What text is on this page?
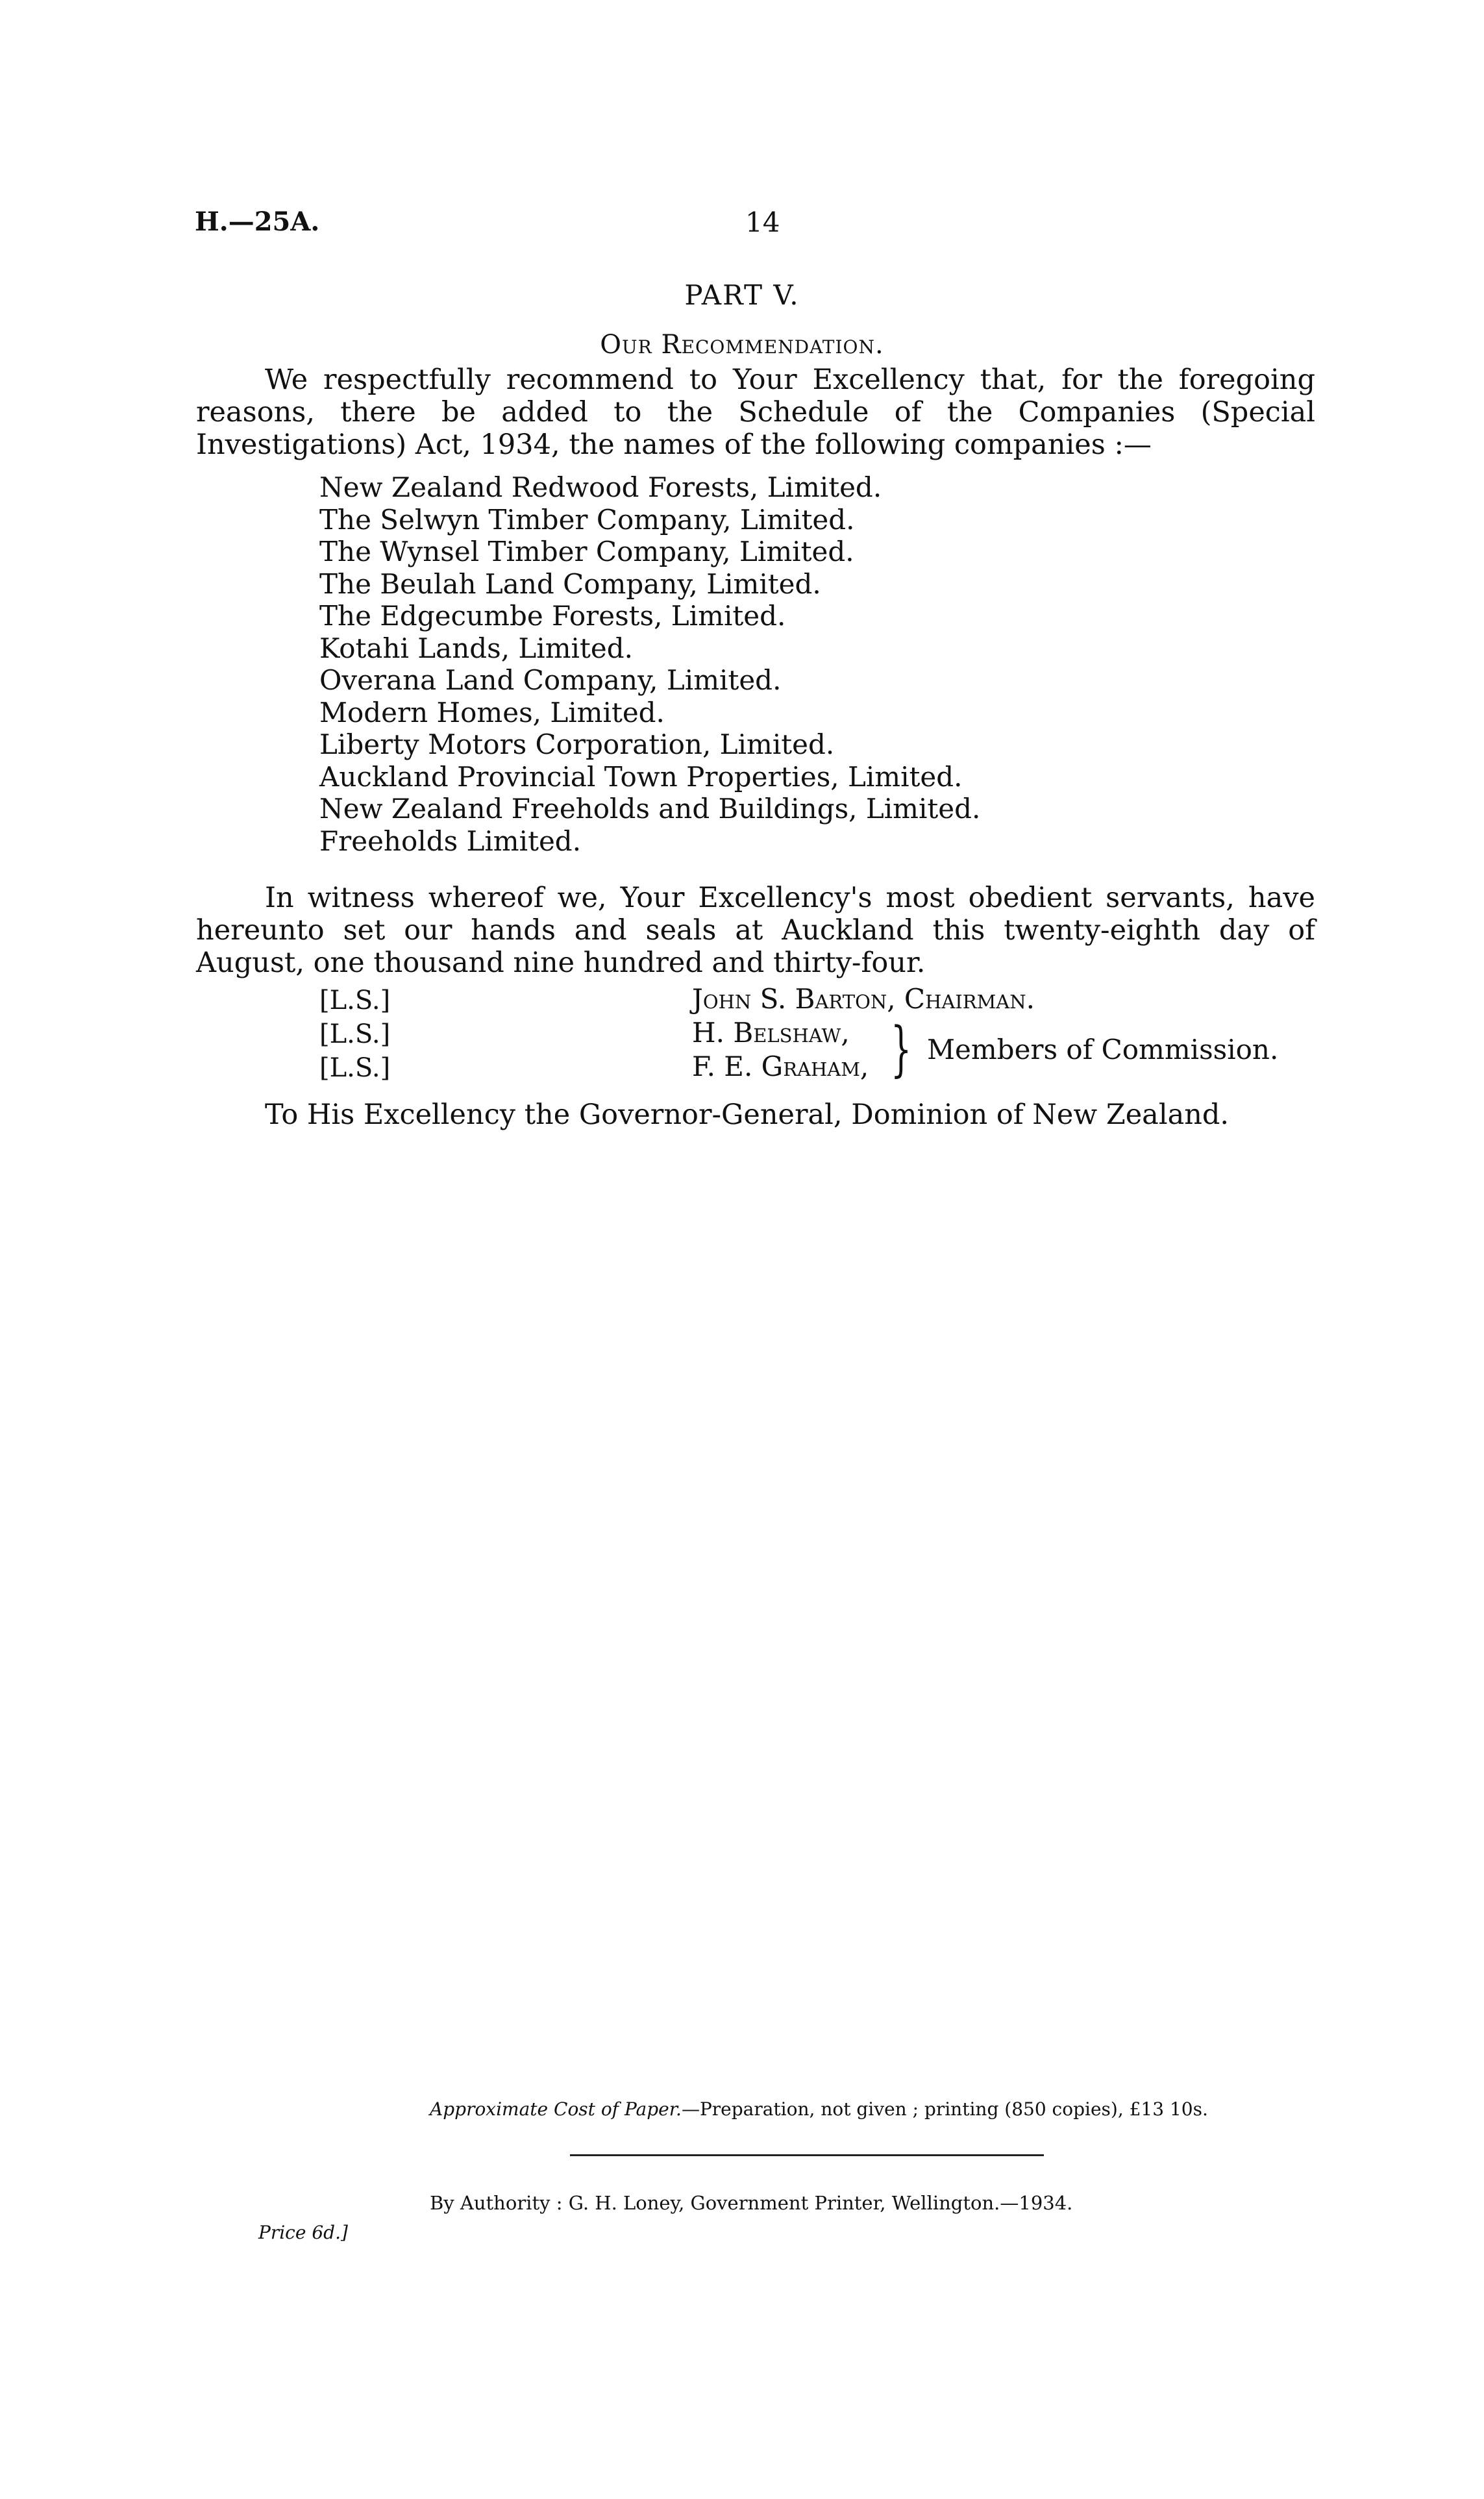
H.—25A.	14
PART V.
Our Recommendation.

We respectfully recommend to Your Excellency that, for the foregoing reasons, there be added to the Schedule of the Companies (Special Investigations) Act, 1934, the names of the following companies :—

New Zealand Redwood Forests, Limited.
The Selwyn Timber Company, Limited.
The Wynsel Timber Company, Limited.
The Beulah Land Company, Limited.
The Edgecumbe Forests, Limited.
Kotahi Lands, Limited.
Overana Land Company, Limited.
Modern Homes, Limited.
Liberty Motors Corporation, Limited.
Auckland Provincial Town Properties, Limited.
New Zealand Freeholds and Buildings, Limited.
Freeholds Limited.

In witness whereof we, Your Excellency's most obedient servants, have hereunto set our hands and seals at Auckland this twenty-eighth day of August, one thousand nine hundred and thirty-four.

[L.S.]
[L.S.]
[L.S.]
John S. Barton, Chairman.
H. Belshaw,
F. E. Graham, } Members of Commission.
To His Excellency the Governor-General, Dominion of New Zealand.
Approximate Cost of Paper.—Preparation, not given ; printing (850 copies), £13 10s.
By Authority : G. H. Loney, Government Printer, Wellington.—1934.
Price 6d.]
